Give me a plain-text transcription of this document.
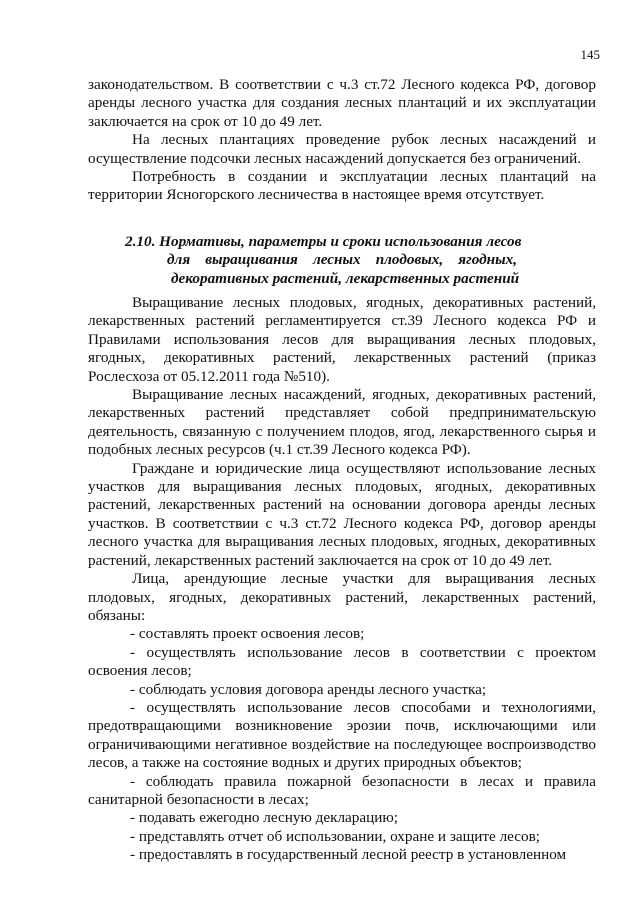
145

законодательством. В соответствии с ч.3 ст.72 Лесного кодекса РФ, договор аренды лесного участка для создания лесных плантаций и их эксплуатации заключается на срок от 10 до 49 лет.

На лесных плантациях проведение рубок лесных насаждений и осуществление подсочки лесных насаждений допускается без ограничений.

Потребность в создании и эксплуатации лесных плантаций на территории Ясногорского лесничества в настоящее время отсутствует.

2.10. Нормативы, параметры и сроки использования лесов
для выращивания лесных плодовых, ягодных,
декоративных растений, лекарственных растений

Выращивание лесных плодовых, ягодных, декоративных растений, лекарственных растений регламентируется ст.39 Лесного кодекса РФ и Правилами использования лесов для выращивания лесных плодовых, ягодных, декоративных растений, лекарственных растений (приказ Рослесхоза от 05.12.2011 года №510).

Выращивание лесных насаждений, ягодных, декоративных растений, лекарственных растений представляет собой предпринимательскую деятельность, связанную с получением плодов, ягод, лекарственного сырья и подобных лесных ресурсов (ч.1 ст.39 Лесного кодекса РФ).

Граждане и юридические лица осуществляют использование лесных участков для выращивания лесных плодовых, ягодных, декоративных растений, лекарственных растений на основании договора аренды лесных участков. В соответствии с ч.3 ст.72 Лесного кодекса РФ, договор аренды лесного участка для выращивания лесных плодовых, ягодных, декоративных растений, лекарственных растений заключается на срок от 10 до 49 лет.

Лица, арендующие лесные участки для выращивания лесных плодовых, ягодных, декоративных растений, лекарственных растений, обязаны:

- составлять проект освоения лесов;

- осуществлять использование лесов в соответствии с проектом освоения лесов;

- соблюдать условия договора аренды лесного участка;

- осуществлять использование лесов способами и технологиями, предотвращающими возникновение эрозии почв, исключающими или ограничивающими негативное воздействие на последующее воспроизводство лесов, а также на состояние водных и других природных объектов;

- соблюдать правила пожарной безопасности в лесах и правила санитарной безопасности в лесах;

- подавать ежегодно лесную декларацию;

- представлять отчет об использовании, охране и защите лесов;

- предоставлять в государственный лесной реестр в установленном
